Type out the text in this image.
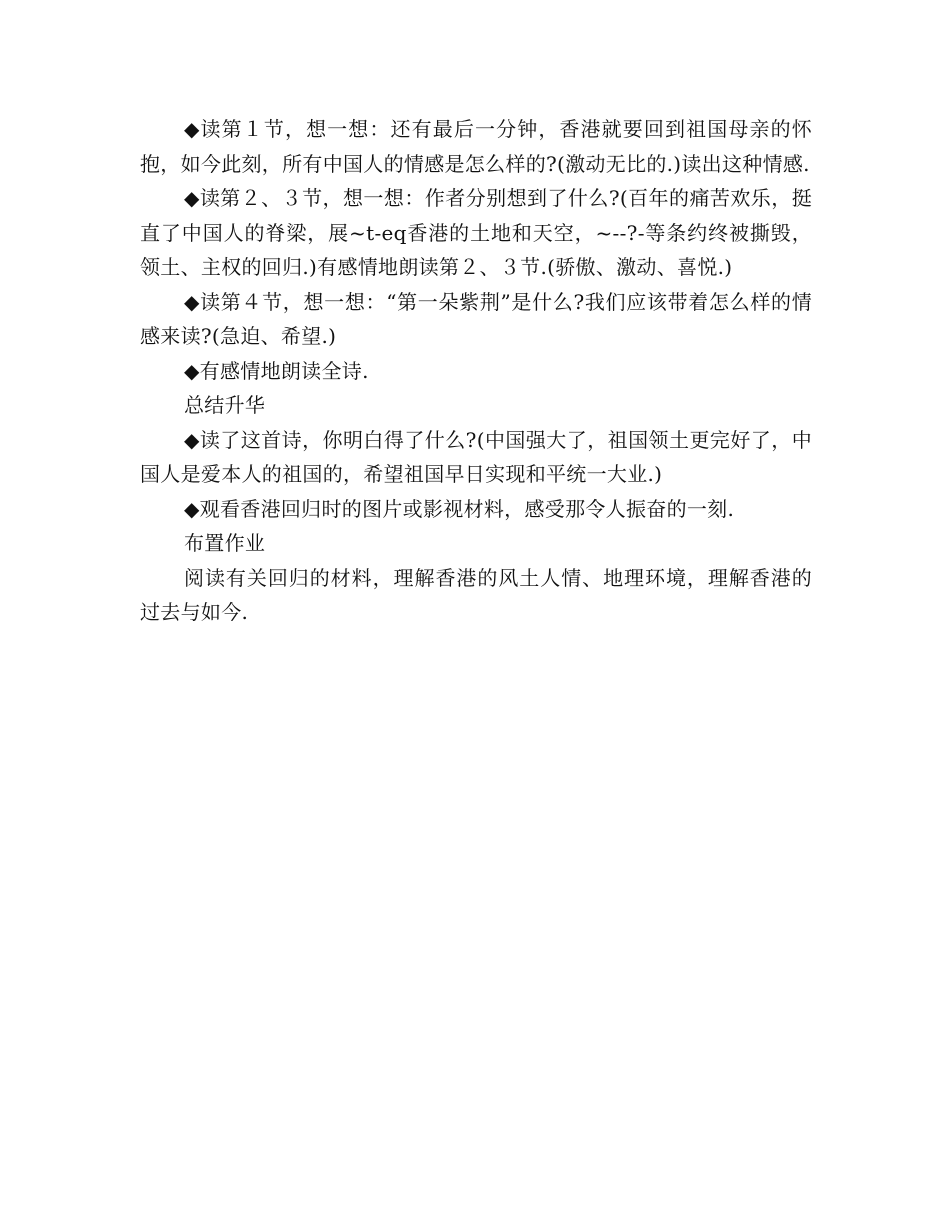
◆读第１节，想一想：还有最后一分钟，香港就要回到祖国母亲的怀抱，如今此刻，所有中国人的情感是怎么样的?(激动无比的.)读出这种情感.

◆读第２、３节，想一想：作者分别想到了什么?(百年的痛苦欢乐，挺直了中国人的脊梁，展~t-eq香港的土地和天空，~--?-等条约终被撕毁，领土、主权的回归.)有感情地朗读第２、３节.(骄傲、激动、喜悦.)

◆读第４节，想一想：“第一朵紫荆”是什么?我们应该带着怎么样的情感来读?(急迫、希望.)

◆有感情地朗读全诗.

总结升华

◆读了这首诗，你明白得了什么?(中国强大了，祖国领土更完好了，中国人是爱本人的祖国的，希望祖国早日实现和平统一大业.)

◆观看香港回归时的图片或影视材料，感受那令人振奋的一刻.

布置作业

阅读有关回归的材料，理解香港的风土人情、地理环境，理解香港的过去与如今.
